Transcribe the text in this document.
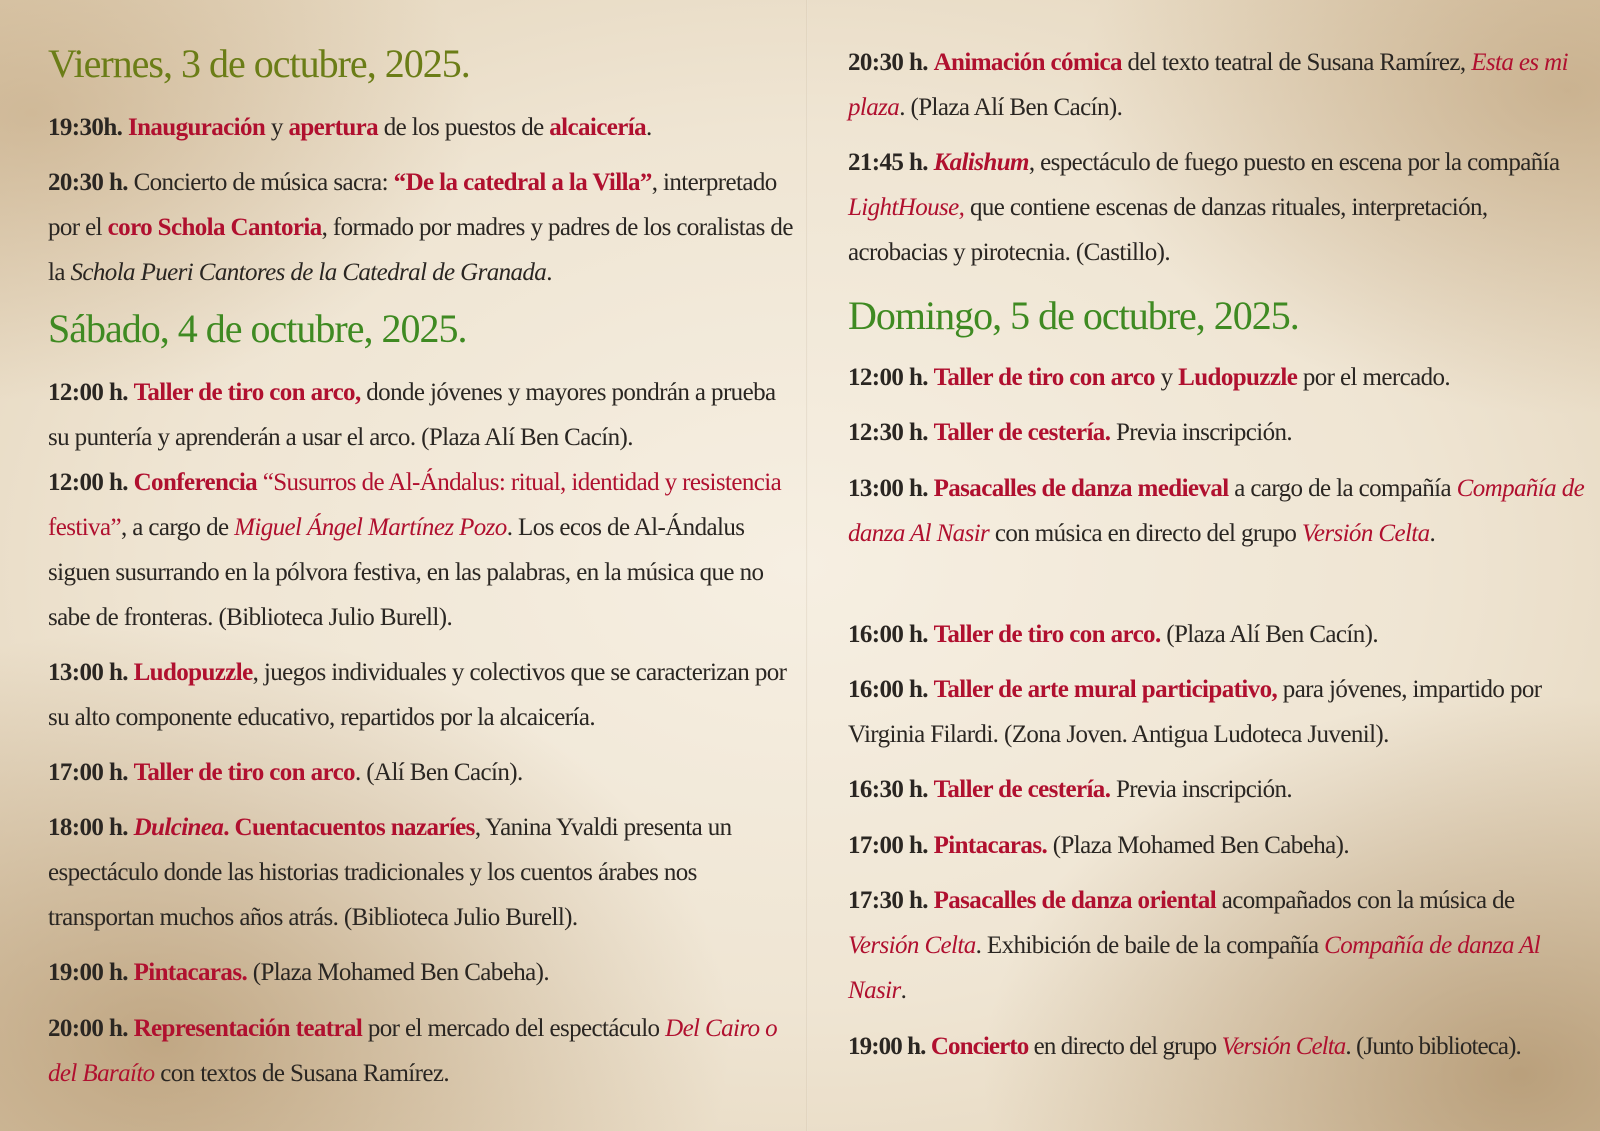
Viernes, 3 de octubre, 2025.

19:30h. Inauguración y apertura de los puestos de alcaicería.

20:30 h. Concierto de música sacra: “De la catedral a la Villa”, interpretado por el coro Schola Cantoria, formado por madres y padres de los coralistas de la Schola Pueri Cantores de la Catedral de Granada.

Sábado, 4 de octubre, 2025.

12:00 h. Taller de tiro con arco, donde jóvenes y mayores pondrán a prueba su puntería y aprenderán a usar el arco. (Plaza Alí Ben Cacín).

12:00 h. Conferencia “Susurros de Al-Ándalus: ritual, identidad y resistencia festiva”, a cargo de Miguel Ángel Martínez Pozo. Los ecos de Al-Ándalus siguen susurrando en la pólvora festiva, en las palabras, en la música que no sabe de fronteras. (Biblioteca Julio Burell).

13:00 h. Ludopuzzle, juegos individuales y colectivos que se caracterizan por su alto componente educativo, repartidos por la alcaicería.

17:00 h. Taller de tiro con arco. (Alí Ben Cacín).

18:00 h. Dulcinea. Cuentacuentos nazaríes, Yanina Yvaldi presenta un espectáculo donde las historias tradicionales y los cuentos árabes nos transportan muchos años atrás. (Biblioteca Julio Burell).

19:00 h. Pintacaras. (Plaza Mohamed Ben Cabeha).

20:00 h. Representación teatral por el mercado del espectáculo Del Cairo o del Baraíto con textos de Susana Ramírez.

20:30 h. Animación cómica del texto teatral de Susana Ramírez, Esta es mi plaza. (Plaza Alí Ben Cacín).

21:45 h. Kalishum, espectáculo de fuego puesto en escena por la compañía LightHouse, que contiene escenas de danzas rituales, interpretación, acrobacias y pirotecnia. (Castillo).

Domingo, 5 de octubre, 2025.

12:00 h. Taller de tiro con arco y Ludopuzzle por el mercado.

12:30 h. Taller de cestería. Previa inscripción.

13:00 h. Pasacalles de danza medieval a cargo de la compañía Compañía de danza Al Nasir con música en directo del grupo Versión Celta.

16:00 h. Taller de tiro con arco. (Plaza Alí Ben Cacín).

16:00 h. Taller de arte mural participativo, para jóvenes, impartido por Virginia Filardi. (Zona Joven. Antigua Ludoteca Juvenil).

16:30 h. Taller de cestería. Previa inscripción.

17:00 h. Pintacaras. (Plaza Mohamed Ben Cabeha).

17:30 h. Pasacalles de danza oriental acompañados con la música de Versión Celta. Exhibición de baile de la compañía Compañía de danza Al Nasir.

19:00 h. Concierto en directo del grupo Versión Celta. (Junto biblioteca).
